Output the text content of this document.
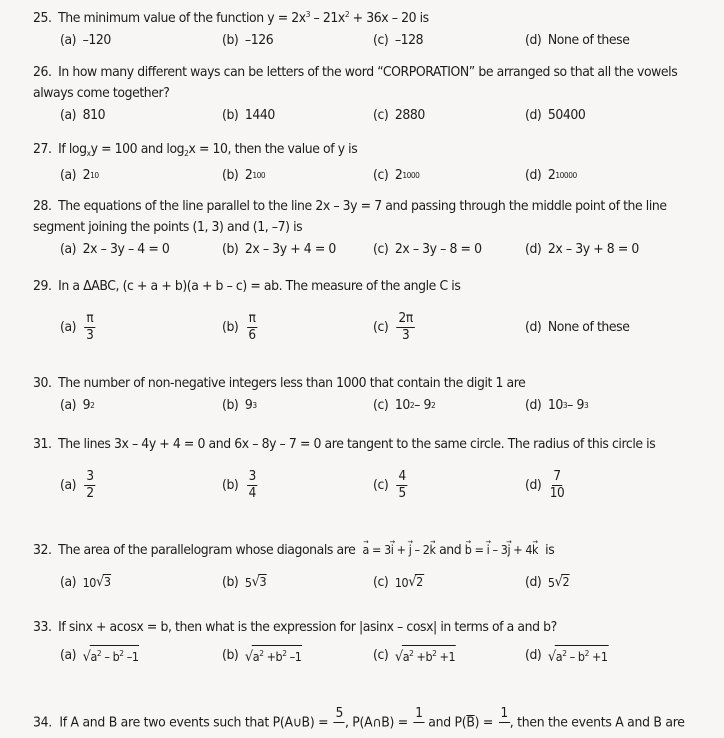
25. The minimum value of the function $y = 2x^3 - 21x^2 + 36x - 20$ is
(a) –120	(b) –126	(c) –128	(d) None of these
26. In how many different ways can be letters of the word “CORPORATION” be arranged so that all the vowels
always come together?
(a) 810	(b) 1440	(c) 2880	(d) 50400
27. If $\log_xy = 100$ and $\log_2x = 10$, then the value of y is
(a) 2 10	(b) 2 100	(c) 2 1000	(d) 2 10000
28. The equations of the line parallel to the line 2x – 3y = 7 and passing through the middle point of the line
segment joining the points (1, 3) and (1, –7) is
(a) 2x – 3y – 4 = 0	(b) 2x – 3y + 4 = 0	(c) 2x – 3y – 8 = 0	(d) 2x – 3y + 8 = 0
29. In a ΔABC, (c + a + b)(a + b – c) = ab. The measure of the angle C is
$(a) \frac{\pi}{3}$	$(b) \frac{\pi}{6}$	$(c) \frac{2\pi}{3}$	(d) None of these
30. The number of non-negative integers less than 1000 that contain the digit 1 are
(a) 9 2	(b) 9 3	(c) 10 2 – 9 2	(d) 10 3 – 9 3
31. The lines 3x – 4y + 4 = 0 and 6x – 8y – 7 = 0 are tangent to the same circle. The radius of this circle is
$(a) \frac{3}{2}$	$(b) \frac{3}{4}$	$(c) \frac{4}{5}$	$(d) \frac{7}{10}$
32. The area of the parallelogram whose diagonals are a → = 3i → + j → – 2k → and b → = i → – 3j → + 4k → is
(a) 10 √ 3	(b) 5 √ 3	(c) 10 √ 2	(d) 5 √ 2
33. If sinx + acosx = b, then what is the expression for |asinx – cosx| in terms of a and b?
(a) √ $a^2 - b^2$ –1	(b) √ $a^2 +b^2$ –1	(c) √ $a^2 +b^2 +1$	(d) √ $a^2 - b^2 +1$
34. If A and B are two events such that P(A∪B) =
5

, P(A∩B) =
1

and $P(\overline{B})$ =
1

, then the events A and B are
